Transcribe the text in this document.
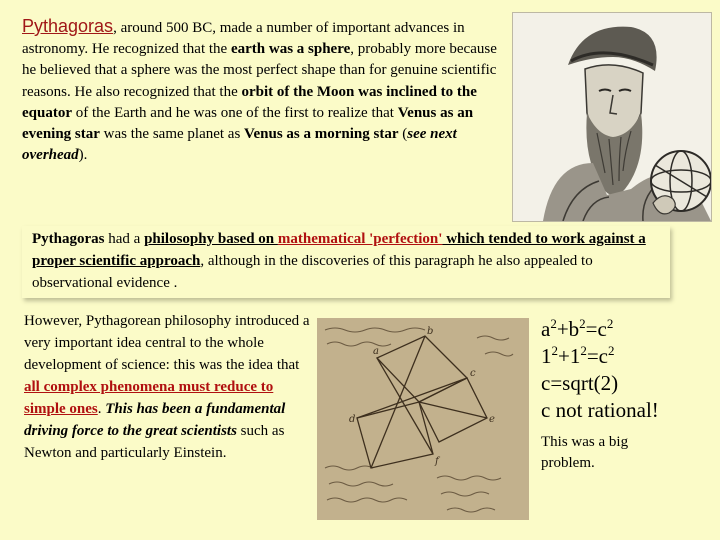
Pythagoras, around 500 BC, made a number of important advances in astronomy. He recognized that the earth was a sphere, probably more because he believed that a sphere was the most perfect shape than for genuine scientific reasons. He also recognized that the orbit of the Moon was inclined to the equator of the Earth and he was one of the first to realize that Venus as an evening star was the same planet as Venus as a morning star (see next overhead).
Pythagoras had a philosophy based on mathematical 'perfection' which tended to work against a proper scientific approach, although in the discoveries of this paragraph he also appealed to observational evidence .
However, Pythagorean philosophy introduced a very important idea central to the whole development of science: this was the idea that all complex phenomena must reduce to simple ones. This has been a fundamental driving force to the great scientists such as Newton and particularly Einstein.
a
b
c
d	e
f
$a^2+b^2=c^2$
$1^2+1^2=c^2$
c=sqrt(2)
c not rational!
This was a big problem.
